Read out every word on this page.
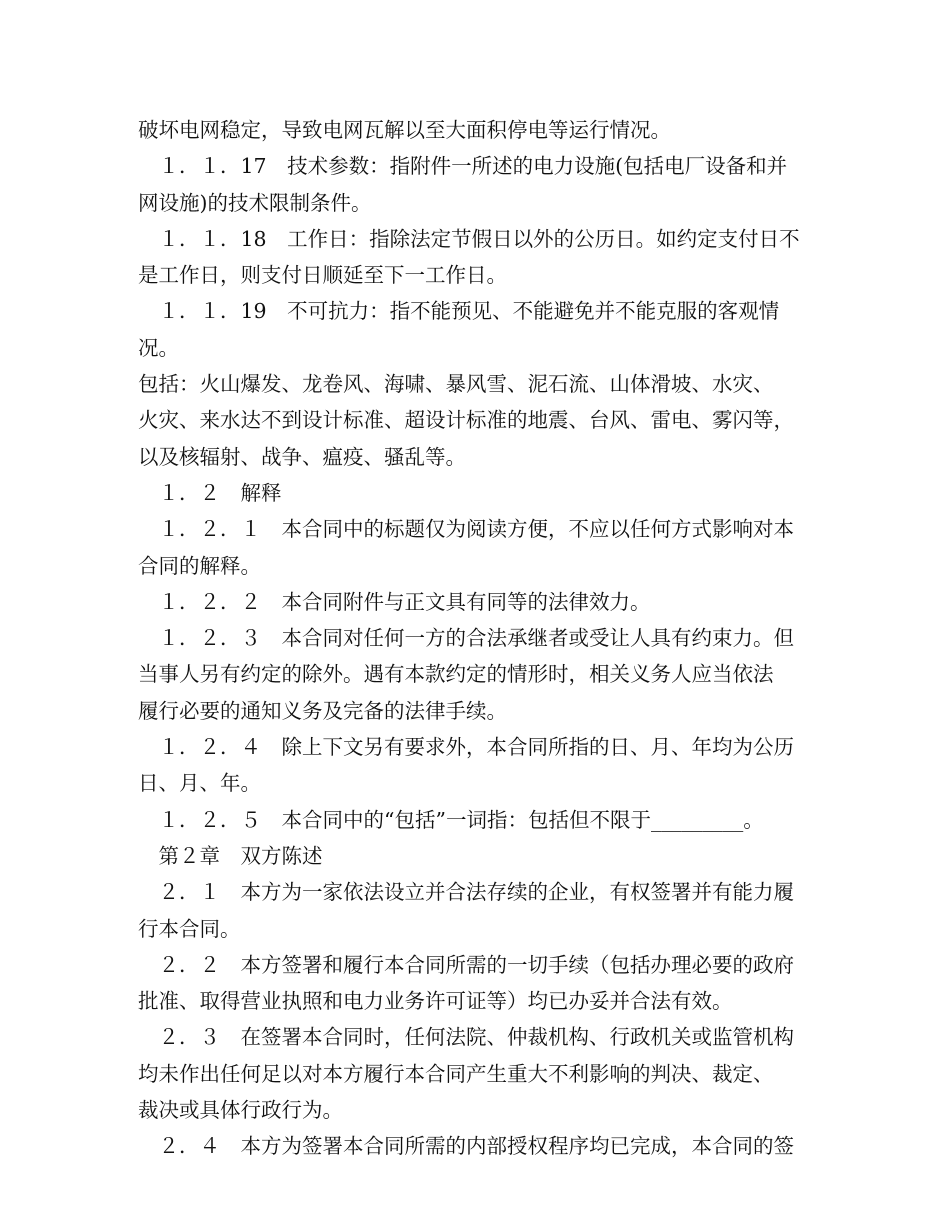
破坏电网稳定，导致电网瓦解以至大面积停电等运行情况。

　１．１．17　技术参数：指附件一所述的电力设施(包括电厂设备和并

网设施)的技术限制条件。

　１．１．18　工作日：指除法定节假日以外的公历日。如约定支付日不

是工作日，则支付日顺延至下一工作日。

　１．１．19　不可抗力：指不能预见、不能避免并不能克服的客观情况。

包括：火山爆发、龙卷风、海啸、暴风雪、泥石流、山体滑坡、水灾、

火灾、来水达不到设计标准、超设计标准的地震、台风、雷电、雾闪等，

以及核辐射、战争、瘟疫、骚乱等。

　１．２　解释

　１．２．１　本合同中的标题仅为阅读方便，不应以任何方式影响对本

合同的解释。

　１．２．２　本合同附件与正文具有同等的法律效力。

　１．２．３　本合同对任何一方的合法承继者或受让人具有约束力。但

当事人另有约定的除外。遇有本款约定的情形时，相关义务人应当依法

履行必要的通知义务及完备的法律手续。

　１．２．４　除上下文另有要求外，本合同所指的日、月、年均为公历

日、月、年。

　１．２．５　本合同中的“包括”一词指：包括但不限于_________。

　第２章　双方陈述

　２．１　本方为一家依法设立并合法存续的企业，有权签署并有能力履

行本合同。

　２．２　本方签署和履行本合同所需的一切手续（包括办理必要的政府

批准、取得营业执照和电力业务许可证等）均已办妥并合法有效。

　２．３　在签署本合同时，任何法院、仲裁机构、行政机关或监管机构

均未作出任何足以对本方履行本合同产生重大不利影响的判决、裁定、

裁决或具体行政行为。

　２．４　本方为签署本合同所需的内部授权程序均已完成，本合同的签
